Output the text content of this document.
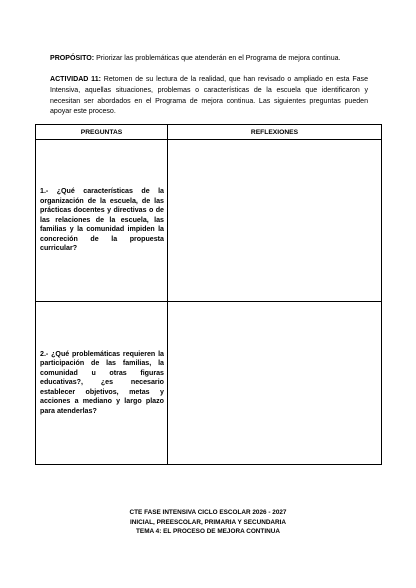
PROPÓSITO: Priorizar las problemáticas que atenderán en el Programa de mejora continua.

ACTIVIDAD 11: Retomen de su lectura de la realidad, que han revisado o ampliado en esta Fase Intensiva, aquellas situaciones, problemas o características de la escuela que identificaron y necesitan ser abordados en el Programa de mejora continua. Las siguientes preguntas pueden apoyar este proceso.

PREGUNTAS	REFLEXIONES

1.- ¿Qué características de la organización de la escuela, de las prácticas docentes y directivas o de las relaciones de la escuela, las familias y la comunidad impiden la concreción de la propuesta curricular?	

2.- ¿Qué problemáticas requieren la participación de las familias, la comunidad u otras figuras educativas?, ¿es necesario establecer objetivos, metas y acciones a mediano y largo plazo para atenderlas?	

CTE FASE INTENSIVA CICLO ESCOLAR 2026 - 2027
INICIAL, PREESCOLAR, PRIMARIA Y SECUNDARIA
TEMA 4: EL PROCESO DE MEJORA CONTINUA
